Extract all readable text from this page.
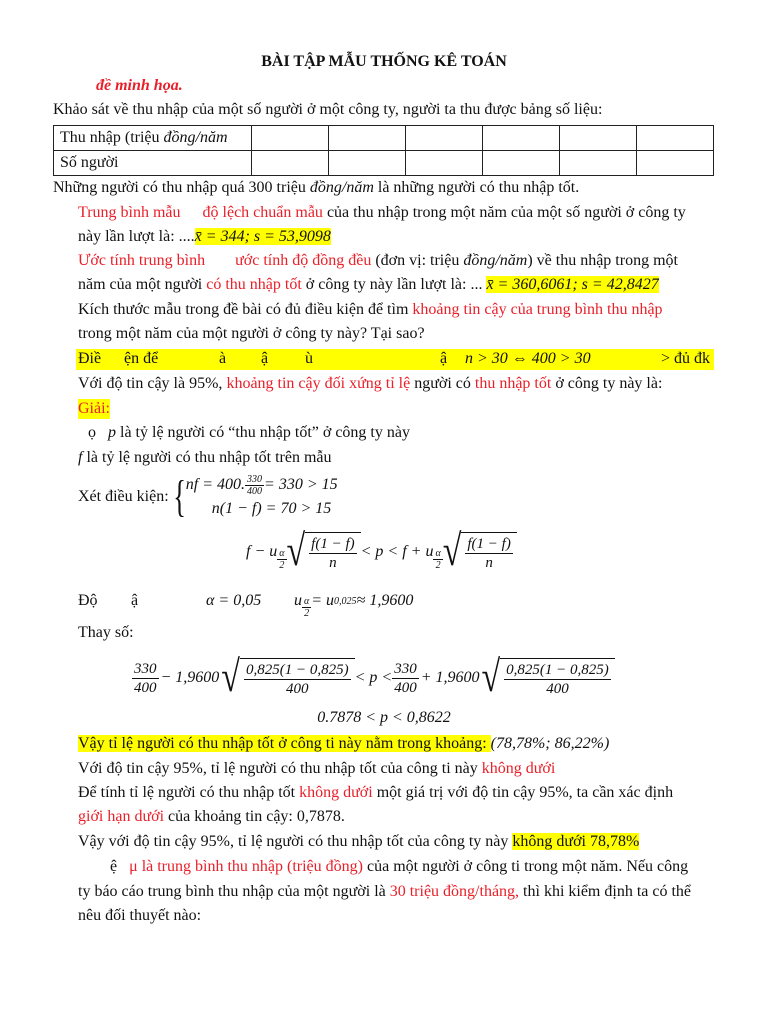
BÀI TẬP MẪU THỐNG KÊ TOÁN
đề minh họa.
Khảo sát về thu nhập của một số người ở một công ty, người ta thu được bảng số liệu:
Thu nhập (triệu đồng/năm						
Số người						
Những người có thu nhập quá 300 triệu đồng/năm là những người có thu nhập tốt.
Trung bình mẫu độ lệch chuẩn mẫu của thu nhập trong một năm của một số người ở công ty
này lần lượt là: ....x̄ = 344; s = 53,9098
Ước tính trung bình ước tính độ đồng đều (đơn vị: triệu đồng/năm) về thu nhập trong một
năm của một người có thu nhập tốt ở công ty này lần lượt là: ... x̄ = 360,6061; s = 42,8427
Kích thước mẫu trong đề bài có đủ điều kiện để tìm khoảng tin cậy của trung bình thu nhập
trong một năm của một người ở công ty này? Tại sao?
Điề ện để	à ậ ù	ậ n > 30 ⇔ 400 > 30	> đủ đk
Với độ tin cậy là 95%, khoảng tin cậy đối xứng tỉ lệ người có thu nhập tốt ở công ty này là:
Giải:
ọ p là tỷ lệ người có “thu nhập tốt” ở công ty này
f là tỷ lệ người có thu nhập tốt trên mẫu
Xét điều kiện: { nf = 400. $\frac{330}{400} = 330 > 15$
n(1 − f) = 70 > 15
f − u $\frac{\alpha}{2}$ √ $\frac{f(1 - f)}{n} < p < f + u \frac{\alpha}{2}$ √ $\frac{f(1 - f)}{n}$
Độ ậ	α = 0,05 u $\frac{\alpha}{2} = u$ 0,025 ≈ 1,9600
Thay số:
$\frac{330}{400} - 1,9600$ √ $\frac{0,825(1 - 0,825)}{400} < p < \frac{330}{400} + 1,9600$ √ $\frac{0,825(1 - 0,825)}{400}$
0.7878 < p < 0,8622
Vậy tỉ lệ người có thu nhập tốt ở công ti này nằm trong khoảng: (78,78%; 86,22%)
Với độ tin cậy 95%, tỉ lệ người có thu nhập tốt của công ti này không dưới
Để tính tỉ lệ người có thu nhập tốt không dưới một giá trị với độ tin cậy 95%, ta cần xác định
giới hạn dưới của khoảng tin cậy: 0,7878.
Vậy với độ tin cậy 95%, tỉ lệ người có thu nhập tốt của công ty này không dưới 78,78%
ệ μ là trung bình thu nhập (triệu đồng) của một người ở công ti trong một năm. Nếu công
ty báo cáo trung bình thu nhập của một người là 30 triệu đồng/tháng, thì khi kiểm định ta có thể
nêu đối thuyết nào:
